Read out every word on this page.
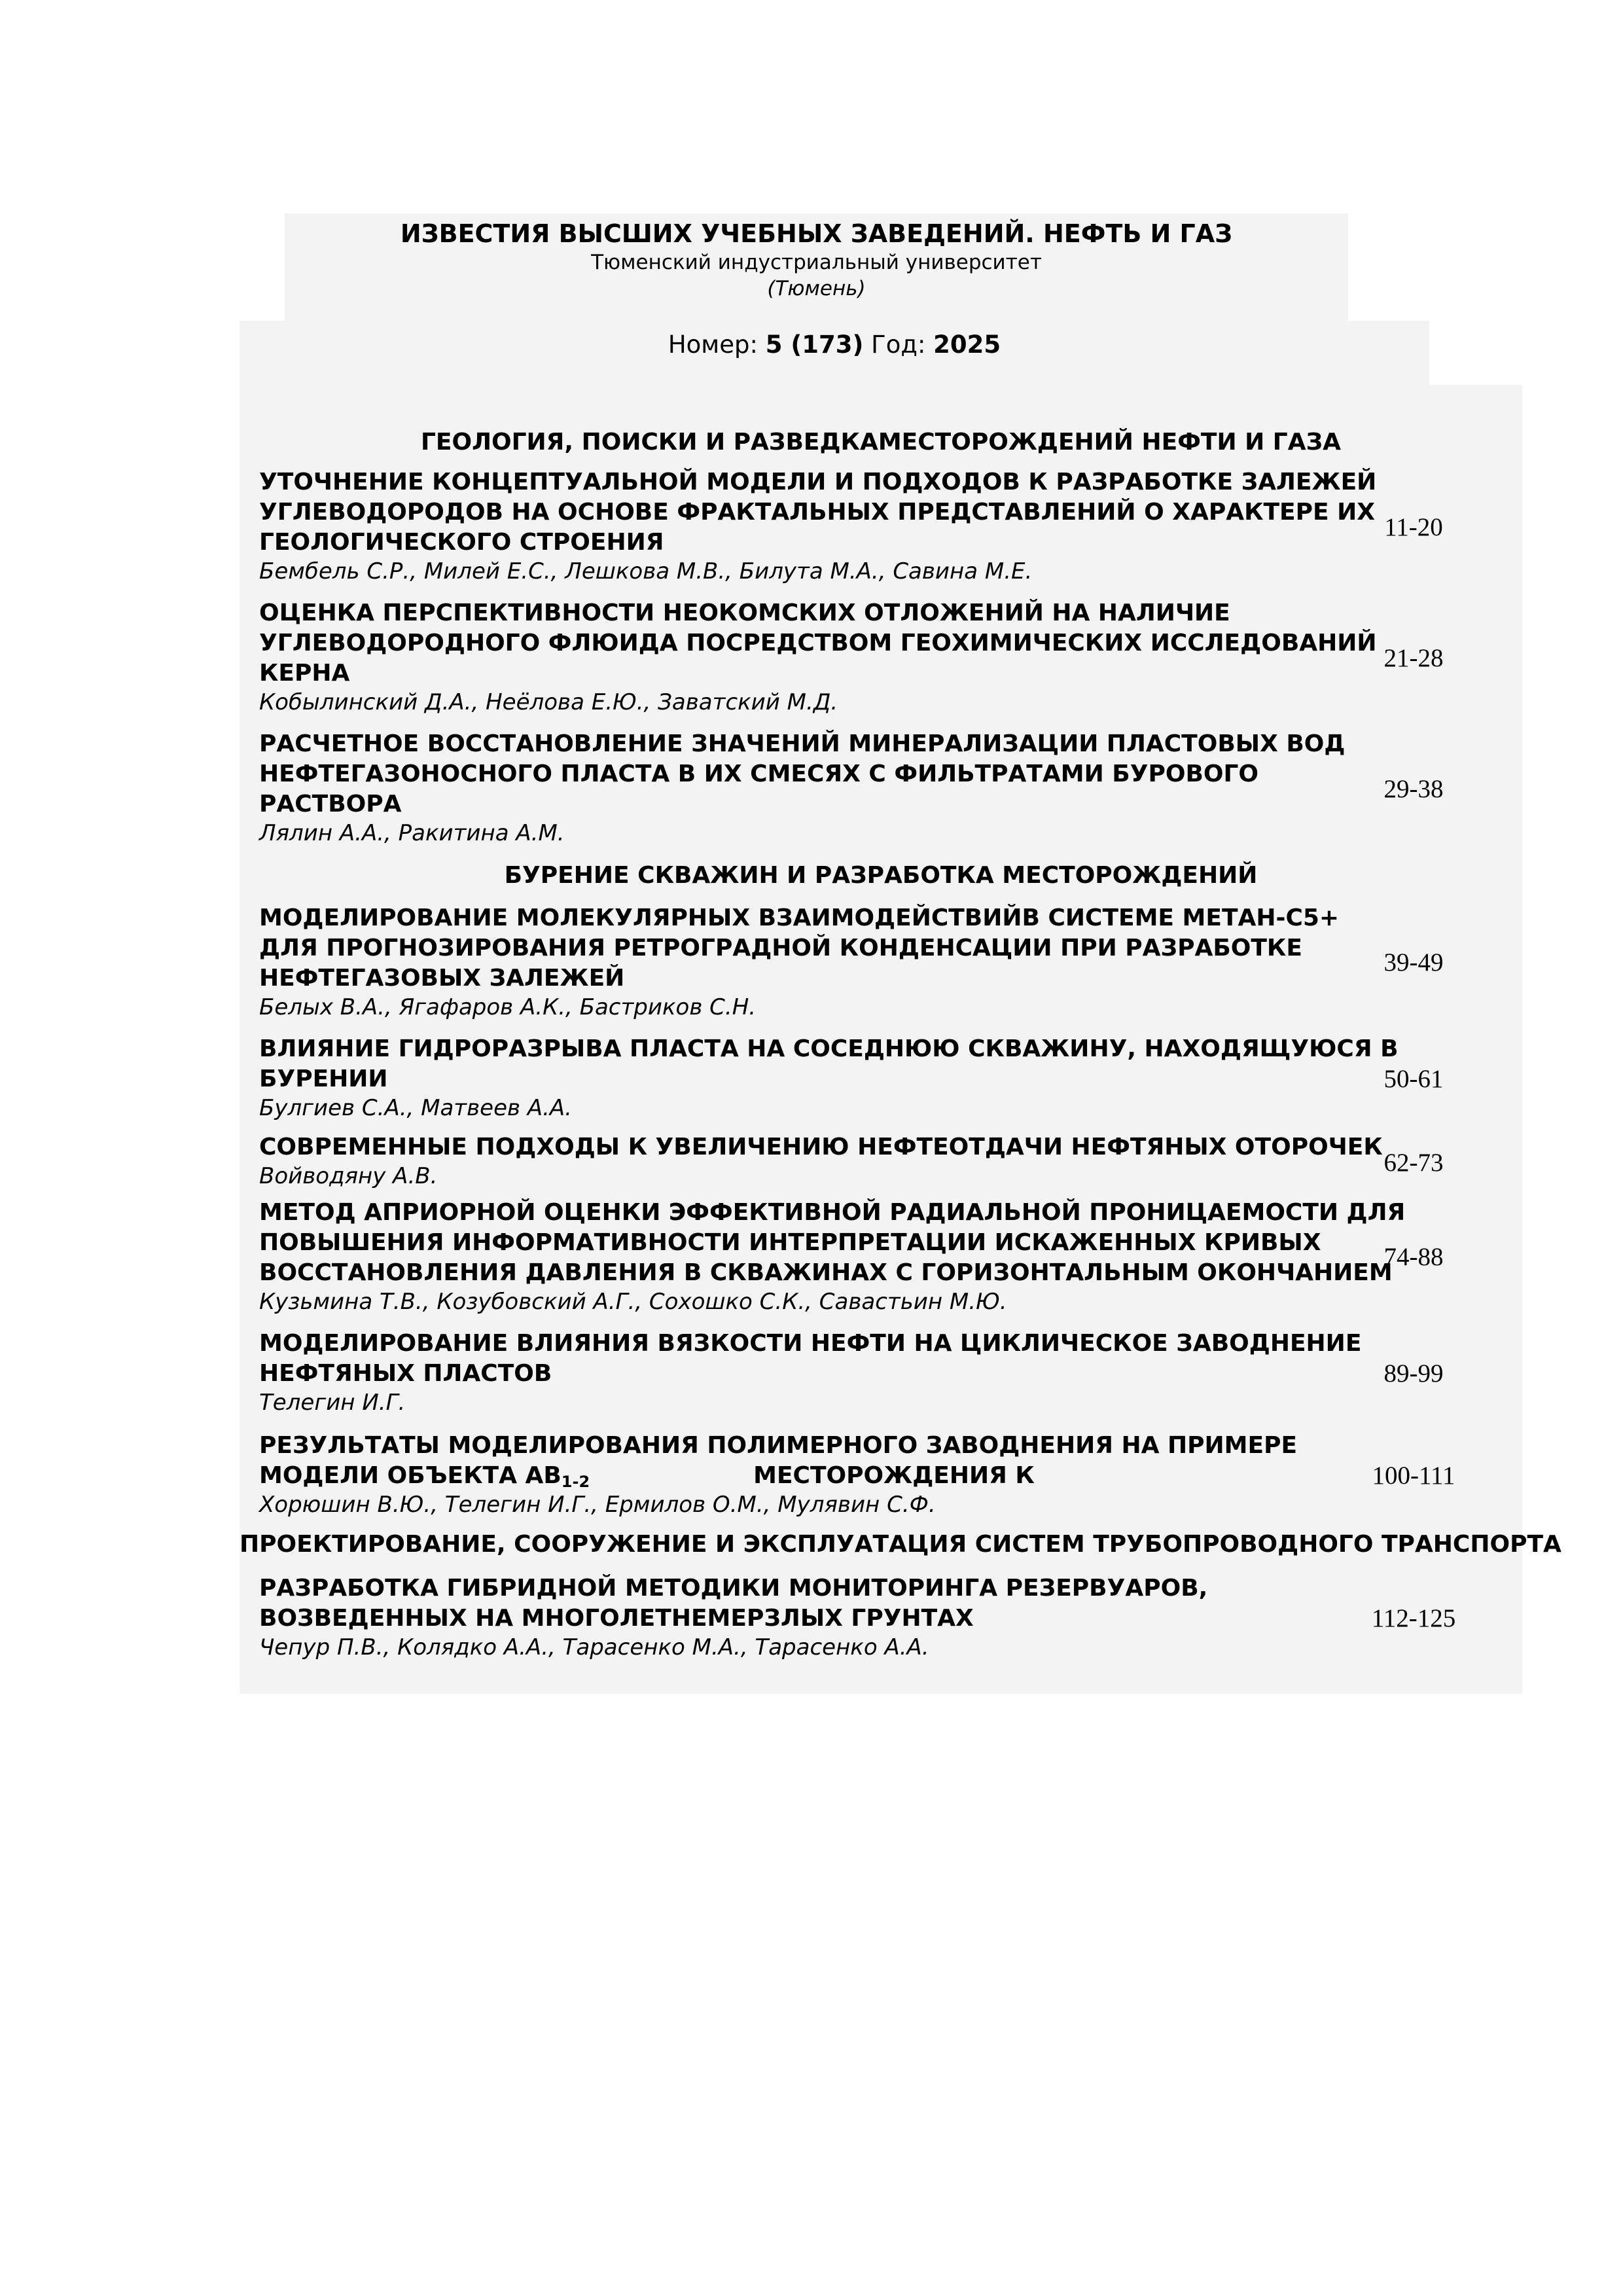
ИЗВЕСТИЯ ВЫСШИХ УЧЕБНЫХ ЗАВЕДЕНИЙ. НЕФТЬ И ГАЗ
Тюменский индустриальный университет
(Тюмень)
Номер: 5 (173) Год: 2025
ГЕОЛОГИЯ, ПОИСКИ И РАЗВЕДКАМЕСТОРОЖДЕНИЙ НЕФТИ И ГАЗА
УТОЧНЕНИЕ КОНЦЕПТУАЛЬНОЙ МОДЕЛИ И ПОДХОДОВ К РАЗРАБОТКЕ ЗАЛЕЖЕЙ
УГЛЕВОДОРОДОВ НА ОСНОВЕ ФРАКТАЛЬНЫХ ПРЕДСТАВЛЕНИЙ О ХАРАКТЕРЕ ИХ
ГЕОЛОГИЧЕСКОГО СТРОЕНИЯ
Бембель С.Р., Милей Е.С., Лешкова М.В., Билута М.А., Савина М.Е.
11-20
ОЦЕНКА ПЕРСПЕКТИВНОСТИ НЕОКОМСКИХ ОТЛОЖЕНИЙ НА НАЛИЧИЕ
УГЛЕВОДОРОДНОГО ФЛЮИДА ПОСРЕДСТВОМ ГЕОХИМИЧЕСКИХ ИССЛЕДОВАНИЙ
КЕРНА
Кобылинский Д.А., Неёлова Е.Ю., Заватский М.Д.
21-28
РАСЧЕТНОЕ ВОССТАНОВЛЕНИЕ ЗНАЧЕНИЙ МИНЕРАЛИЗАЦИИ ПЛАСТОВЫХ ВОД
НЕФТЕГАЗОНОСНОГО ПЛАСТА В ИХ СМЕСЯХ С ФИЛЬТРАТАМИ БУРОВОГО
РАСТВОРА
Лялин А.А., Ракитина А.М.
29-38
БУРЕНИЕ СКВАЖИН И РАЗРАБОТКА МЕСТОРОЖДЕНИЙ
МОДЕЛИРОВАНИЕ МОЛЕКУЛЯРНЫХ ВЗАИМОДЕЙСТВИЙВ СИСТЕМЕ МЕТАН-С5+
ДЛЯ ПРОГНОЗИРОВАНИЯ РЕТРОГРАДНОЙ КОНДЕНСАЦИИ ПРИ РАЗРАБОТКЕ
НЕФТЕГАЗОВЫХ ЗАЛЕЖЕЙ
Белых В.А., Ягафаров А.К., Бастриков С.Н.
39-49
ВЛИЯНИЕ ГИДРОРАЗРЫВА ПЛАСТА НА СОСЕДНЮЮ СКВАЖИНУ, НАХОДЯЩУЮСЯ В
БУРЕНИИ
Булгиев С.А., Матвеев А.А.
50-61
СОВРЕМЕННЫЕ ПОДХОДЫ К УВЕЛИЧЕНИЮ НЕФТЕОТДАЧИ НЕФТЯНЫХ ОТОРОЧЕК
Войводяну А.В.	62-73
МЕТОД АПРИОРНОЙ ОЦЕНКИ ЭФФЕКТИВНОЙ РАДИАЛЬНОЙ ПРОНИЦАЕМОСТИ ДЛЯ
ПОВЫШЕНИЯ ИНФОРМАТИВНОСТИ ИНТЕРПРЕТАЦИИ ИСКАЖЕННЫХ КРИВЫХ
ВОССТАНОВЛЕНИЯ ДАВЛЕНИЯ В СКВАЖИНАХ С ГОРИЗОНТАЛЬНЫМ ОКОНЧАНИЕМ
Кузьмина Т.В., Козубовский А.Г., Сохошко С.К., Савастьин М.Ю.
74-88
МОДЕЛИРОВАНИЕ ВЛИЯНИЯ ВЯЗКОСТИ НЕФТИ НА ЦИКЛИЧЕСКОЕ ЗАВОДНЕНИЕ
НЕФТЯНЫХ ПЛАСТОВ
Телегин И.Г.
89-99
РЕЗУЛЬТАТЫ МОДЕЛИРОВАНИЯ ПОЛИМЕРНОГО ЗАВОДНЕНИЯ НА ПРИМЕРЕ
МОДЕЛИ ОБЪЕКТА $АВ_{1-2}$	МЕСТОРОЖДЕНИЯ К
Хорюшин В.Ю., Телегин И.Г., Ермилов О.М., Мулявин С.Ф.
100-111
ПРОЕКТИРОВАНИЕ, СООРУЖЕНИЕ И ЭКСПЛУАТАЦИЯ СИСТЕМ ТРУБОПРОВОДНОГО ТРАНСПОРТА
РАЗРАБОТКА ГИБРИДНОЙ МЕТОДИКИ МОНИТОРИНГА РЕЗЕРВУАРОВ,
ВОЗВЕДЕННЫХ НА МНОГОЛЕТНЕМЕРЗЛЫХ ГРУНТАХ
Чепур П.В., Колядко А.А., Тарасенко М.А., Тарасенко А.А.
112-125
